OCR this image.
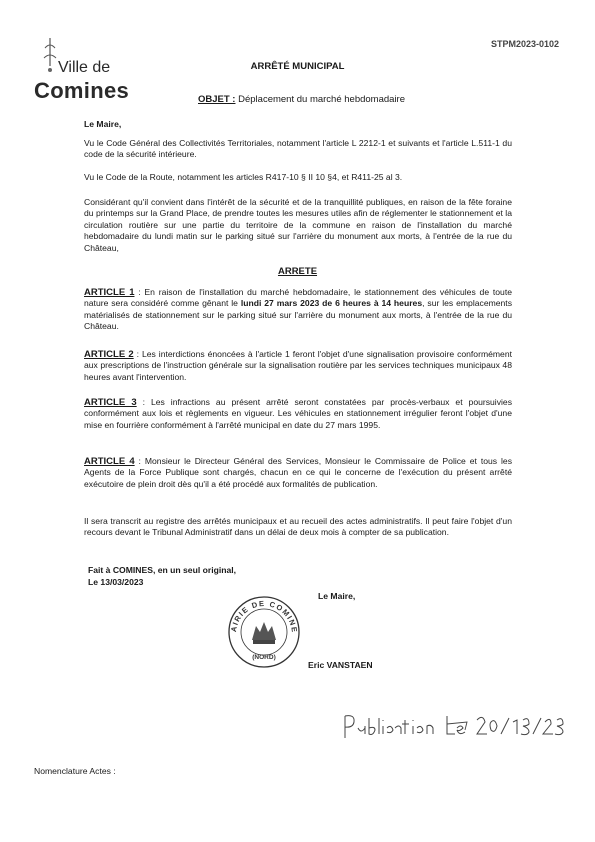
Ville de
Comines
STPM2023-0102
ARRÊTÉ MUNICIPAL
OBJET : Déplacement du marché hebdomadaire
Le Maire,
Vu le Code Général des Collectivités Territoriales, notamment l'article L 2212-1 et suivants et l'article L.511-1 du code de la sécurité intérieure.
Vu le Code de la Route, notamment les articles R417-10 § II 10 §4, et R411-25 al 3.
Considérant qu'il convient dans l'intérêt de la sécurité et de la tranquillité publiques, en raison de la fête foraine du printemps sur la Grand Place, de prendre toutes les mesures utiles afin de réglementer le stationnement et la circulation routière sur une partie du territoire de la commune en raison de l'installation du marché hebdomadaire du lundi matin sur le parking situé sur l'arrière du monument aux morts, à l'entrée de la rue du Château,
ARRETE
ARTICLE 1 : En raison de l'installation du marché hebdomadaire, le stationnement des véhicules de toute nature sera considéré comme gênant le lundi 27 mars 2023 de 6 heures à 14 heures, sur les emplacements matérialisés de stationnement sur le parking situé sur l'arrière du monument aux morts, à l'entrée de la rue du Château.
ARTICLE 2 : Les interdictions énoncées à l'article 1 feront l'objet d'une signalisation provisoire conformément aux prescriptions de l'instruction générale sur la signalisation routière par les services techniques municipaux 48 heures avant l'intervention.
ARTICLE 3 : Les infractions au présent arrêté seront constatées par procès-verbaux et poursuivies conformément aux lois et règlements en vigueur. Les véhicules en stationnement irrégulier feront l'objet d'une mise en fourrière conformément à l'arrêté municipal en date du 27 mars 1995.
ARTICLE 4 : Monsieur le Directeur Général des Services, Monsieur le Commissaire de Police et tous les Agents de la Force Publique sont chargés, chacun en ce qui le concerne de l'exécution du présent arrêté exécutoire de plein droit dès qu'il a été procédé aux formalités de publication.
Il sera transcrit au registre des arrêtés municipaux et au recueil des actes administratifs. Il peut faire l'objet d'un recours devant le Tribunal Administratif dans un délai de deux mois à compter de sa publication.
Fait à COMINES, en un seul original,
Le 13/03/2023
Le Maire,
AIRIE DE COMINE
(NORD)
Eric VANSTAEN
Nomenclature Actes :
